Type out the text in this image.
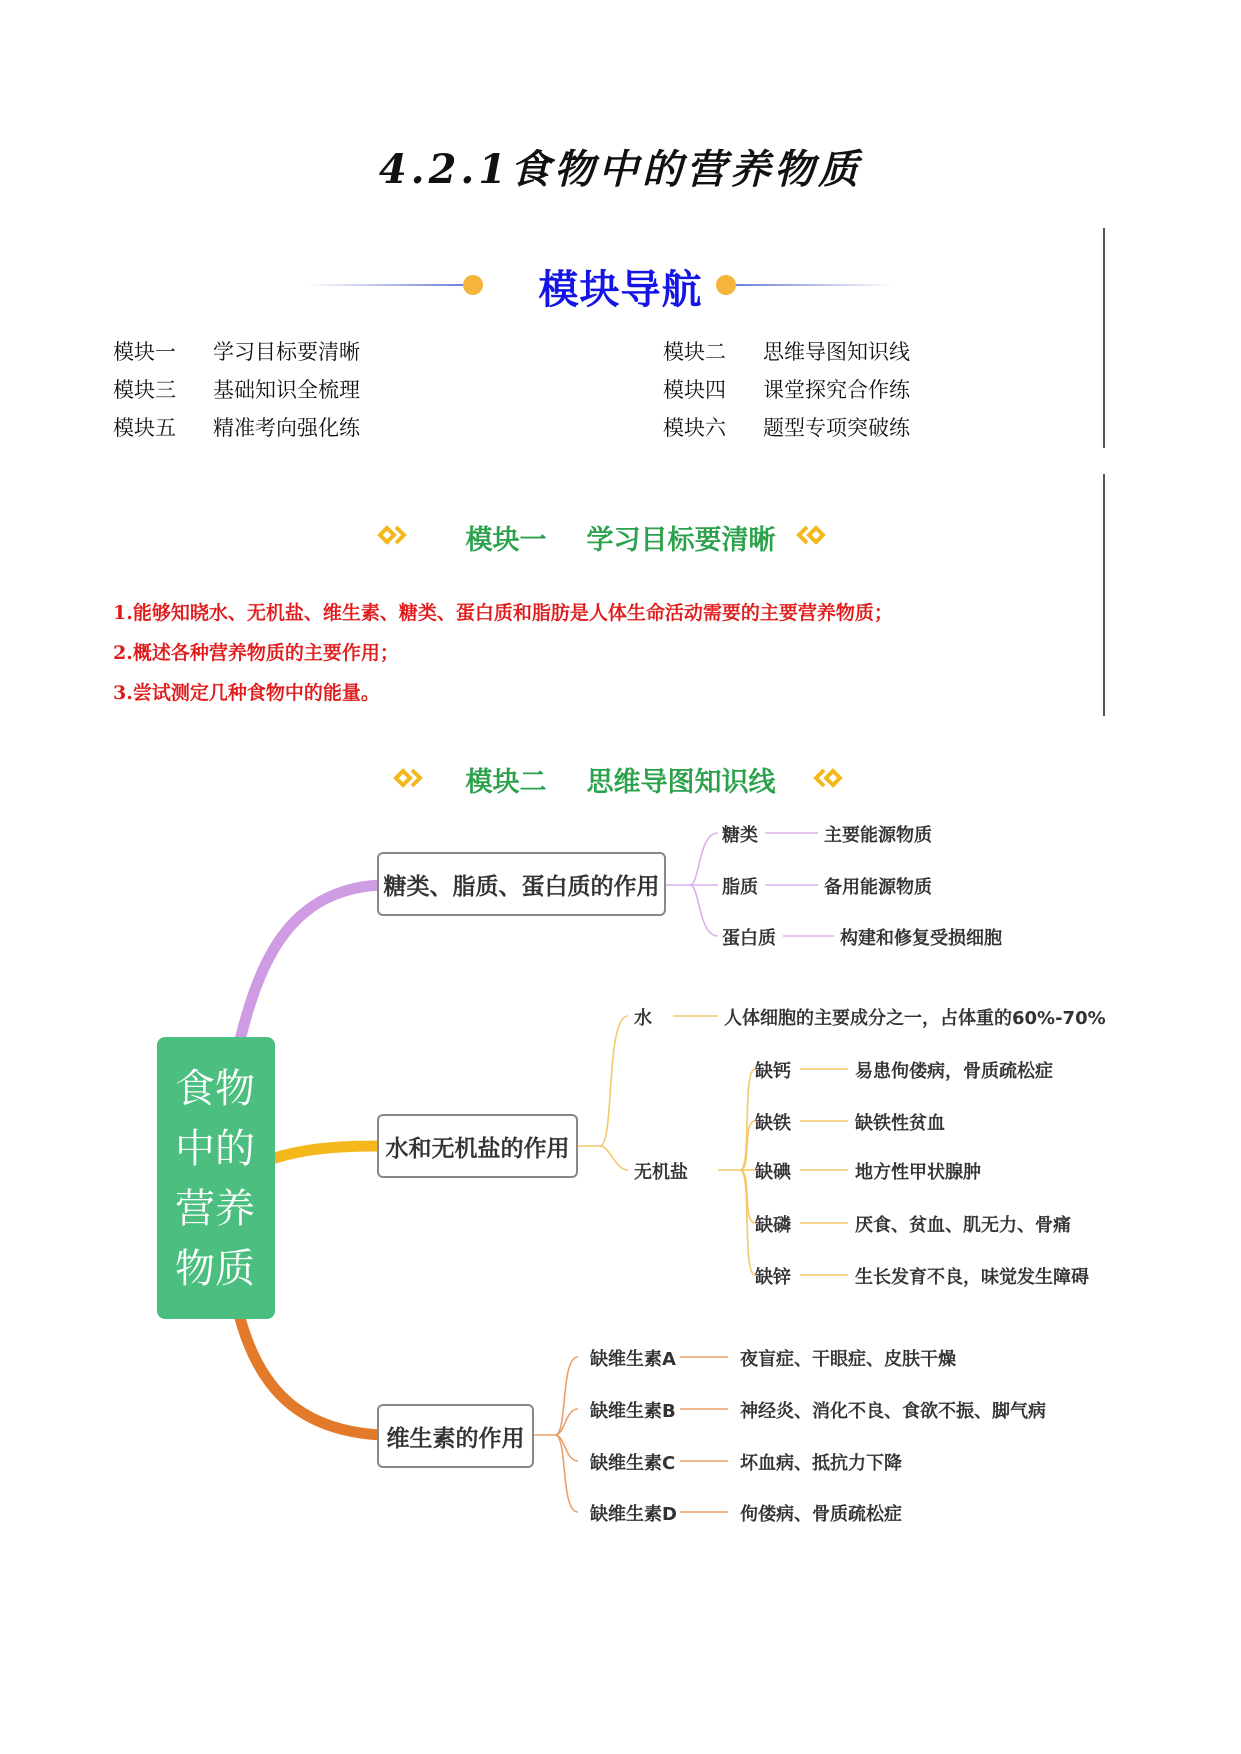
4.2.1食物中的营养物质
模块导航
模块一 学习目标要清晰	模块二 思维导图知识线
模块三 基础知识全梳理	模块四 课堂探究合作练
模块五 精准考向强化练	模块六 题型专项突破练
模块一 学习目标要清晰
1.能够知晓水、无机盐、维生素、糖类、蛋白质和脂肪是人体生命活动需要的主要营养物质；
2.概述各种营养物质的主要作用；
3.尝试测定几种食物中的能量。
模块二 思维导图知识线
食物
中的
营养
物质
糖类、脂质、蛋白质的作用
水和无机盐的作用
维生素的作用
糖类	主要能源物质
脂质	备用能源物质
蛋白质	构建和修复受损细胞
水	人体细胞的主要成分之一，占体重的60%-70%
无机盐
缺钙	易患佝偻病，骨质疏松症
缺铁	缺铁性贫血
缺碘	地方性甲状腺肿
缺磷	厌食、贫血、肌无力、骨痛
缺锌	生长发育不良，味觉发生障碍
缺维生素A	夜盲症、干眼症、皮肤干燥
缺维生素B	神经炎、消化不良、食欲不振、脚气病
缺维生素C	坏血病、抵抗力下降
缺维生素D	佝偻病、骨质疏松症
